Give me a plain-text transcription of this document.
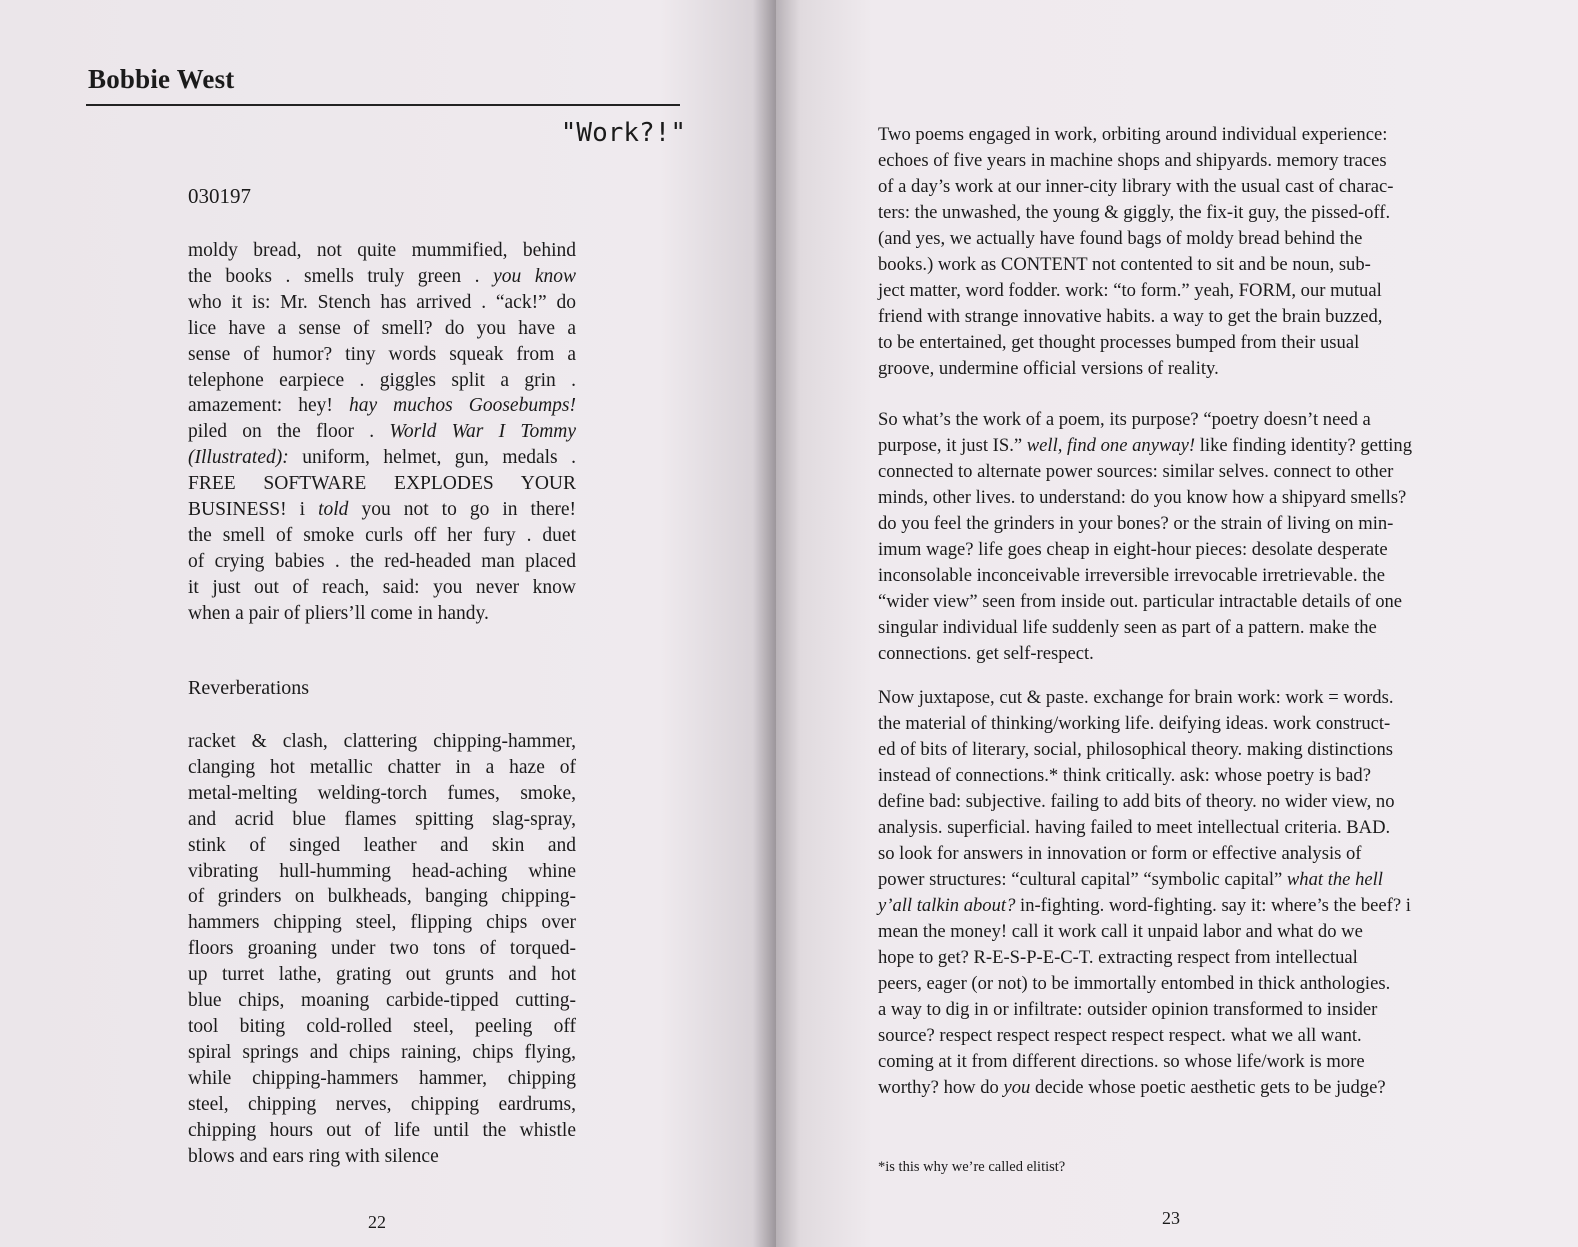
Bobbie West
"Work?!"
030197
moldy bread, not quite mummified, behind
the books . smells truly green . you know
who it is: Mr. Stench has arrived . “ack!” do
lice have a sense of smell? do you have a
sense of humor? tiny words squeak from a
telephone earpiece . giggles split a grin .
amazement: hey! hay muchos Goosebumps!
piled on the floor . World War I Tommy
(Illustrated): uniform, helmet, gun, medals .
FREE SOFTWARE EXPLODES YOUR
BUSINESS! i told you not to go in there!
the smell of smoke curls off her fury . duet
of crying babies . the red-headed man placed
it just out of reach, said: you never know
when a pair of pliers’ll come in handy.
Reverberations
racket & clash, clattering chipping-hammer,
clanging hot metallic chatter in a haze of
metal-melting welding-torch fumes, smoke,
and acrid blue flames spitting slag-spray,
stink of singed leather and skin and
vibrating hull-humming head-aching whine
of grinders on bulkheads, banging chipping-
hammers chipping steel, flipping chips over
floors groaning under two tons of torqued-
up turret lathe, grating out grunts and hot
blue chips, moaning carbide-tipped cutting-
tool biting cold-rolled steel, peeling off
spiral springs and chips raining, chips flying,
while chipping-hammers hammer, chipping
steel, chipping nerves, chipping eardrums,
chipping hours out of life until the whistle
blows and ears ring with silence
22
Two poems engaged in work, orbiting around individual experience:
echoes of five years in machine shops and shipyards. memory traces
of a day’s work at our inner-city library with the usual cast of charac-
ters: the unwashed, the young & giggly, the fix-it guy, the pissed-off.
(and yes, we actually have found bags of moldy bread behind the
books.) work as CONTENT not contented to sit and be noun, sub-
ject matter, word fodder. work: “to form.” yeah, FORM, our mutual
friend with strange innovative habits. a way to get the brain buzzed,
to be entertained, get thought processes bumped from their usual
groove, undermine official versions of reality.
So what’s the work of a poem, its purpose? “poetry doesn’t need a
purpose, it just IS.” well, find one anyway! like finding identity? getting
connected to alternate power sources: similar selves. connect to other
minds, other lives. to understand: do you know how a shipyard smells?
do you feel the grinders in your bones? or the strain of living on min-
imum wage? life goes cheap in eight-hour pieces: desolate desperate
inconsolable inconceivable irreversible irrevocable irretrievable. the
“wider view” seen from inside out. particular intractable details of one
singular individual life suddenly seen as part of a pattern. make the
connections. get self-respect.
Now juxtapose, cut & paste. exchange for brain work: work = words.
the material of thinking/working life. deifying ideas. work construct-
ed of bits of literary, social, philosophical theory. making distinctions
instead of connections.* think critically. ask: whose poetry is bad?
define bad: subjective. failing to add bits of theory. no wider view, no
analysis. superficial. having failed to meet intellectual criteria. BAD.
so look for answers in innovation or form or effective analysis of
power structures: “cultural capital” “symbolic capital” what the hell
y’all talkin about? in-fighting. word-fighting. say it: where’s the beef? i
mean the money! call it work call it unpaid labor and what do we
hope to get? R-E-S-P-E-C-T. extracting respect from intellectual
peers, eager (or not) to be immortally entombed in thick anthologies.
a way to dig in or infiltrate: outsider opinion transformed to insider
source? respect respect respect respect respect. what we all want.
coming at it from different directions. so whose life/work is more
worthy? how do you decide whose poetic aesthetic gets to be judge?

*is this why we’re called elitist?

23
